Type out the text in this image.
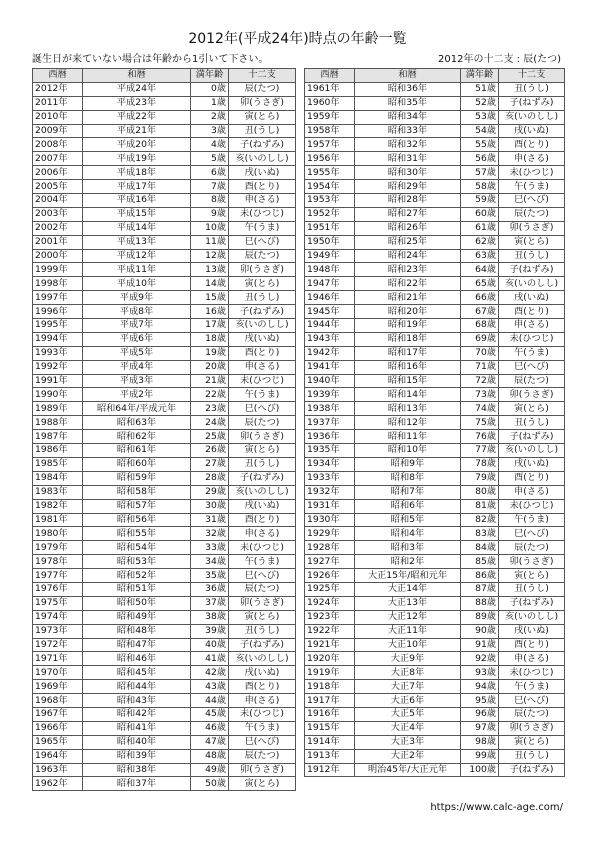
2012年(平成24年)時点の年齢一覧
誕生日が来ていない場合は年齢から1引いて下さい。	2012年の十二支 : 辰(たつ)
西暦	和暦	満年齢	十二支
2012年	平成24年	0歳	辰(たつ)
2011年	平成23年	1歳	卯(うさぎ)
2010年	平成22年	2歳	寅(とら)
2009年	平成21年	3歳	丑(うし)
2008年	平成20年	4歳	子(ねずみ)
2007年	平成19年	5歳	亥(いのしし)
2006年	平成18年	6歳	戌(いぬ)
2005年	平成17年	7歳	酉(とり)
2004年	平成16年	8歳	申(さる)
2003年	平成15年	9歳	未(ひつじ)
2002年	平成14年	10歳	午(うま)
2001年	平成13年	11歳	巳(へび)
2000年	平成12年	12歳	辰(たつ)
1999年	平成11年	13歳	卯(うさぎ)
1998年	平成10年	14歳	寅(とら)
1997年	平成9年	15歳	丑(うし)
1996年	平成8年	16歳	子(ねずみ)
1995年	平成7年	17歳	亥(いのしし)
1994年	平成6年	18歳	戌(いぬ)
1993年	平成5年	19歳	酉(とり)
1992年	平成4年	20歳	申(さる)
1991年	平成3年	21歳	未(ひつじ)
1990年	平成2年	22歳	午(うま)
1989年	昭和64年/平成元年	23歳	巳(へび)
1988年	昭和63年	24歳	辰(たつ)
1987年	昭和62年	25歳	卯(うさぎ)
1986年	昭和61年	26歳	寅(とら)
1985年	昭和60年	27歳	丑(うし)
1984年	昭和59年	28歳	子(ねずみ)
1983年	昭和58年	29歳	亥(いのしし)
1982年	昭和57年	30歳	戌(いぬ)
1981年	昭和56年	31歳	酉(とり)
1980年	昭和55年	32歳	申(さる)
1979年	昭和54年	33歳	未(ひつじ)
1978年	昭和53年	34歳	午(うま)
1977年	昭和52年	35歳	巳(へび)
1976年	昭和51年	36歳	辰(たつ)
1975年	昭和50年	37歳	卯(うさぎ)
1974年	昭和49年	38歳	寅(とら)
1973年	昭和48年	39歳	丑(うし)
1972年	昭和47年	40歳	子(ねずみ)
1971年	昭和46年	41歳	亥(いのしし)
1970年	昭和45年	42歳	戌(いぬ)
1969年	昭和44年	43歳	酉(とり)
1968年	昭和43年	44歳	申(さる)
1967年	昭和42年	45歳	未(ひつじ)
1966年	昭和41年	46歳	午(うま)
1965年	昭和40年	47歳	巳(へび)
1964年	昭和39年	48歳	辰(たつ)
1963年	昭和38年	49歳	卯(うさぎ)
1962年	昭和37年	50歳	寅(とら)
西暦	和暦	満年齢	十二支
1961年	昭和36年	51歳	丑(うし)
1960年	昭和35年	52歳	子(ねずみ)
1959年	昭和34年	53歳	亥(いのしし)
1958年	昭和33年	54歳	戌(いぬ)
1957年	昭和32年	55歳	酉(とり)
1956年	昭和31年	56歳	申(さる)
1955年	昭和30年	57歳	未(ひつじ)
1954年	昭和29年	58歳	午(うま)
1953年	昭和28年	59歳	巳(へび)
1952年	昭和27年	60歳	辰(たつ)
1951年	昭和26年	61歳	卯(うさぎ)
1950年	昭和25年	62歳	寅(とら)
1949年	昭和24年	63歳	丑(うし)
1948年	昭和23年	64歳	子(ねずみ)
1947年	昭和22年	65歳	亥(いのしし)
1946年	昭和21年	66歳	戌(いぬ)
1945年	昭和20年	67歳	酉(とり)
1944年	昭和19年	68歳	申(さる)
1943年	昭和18年	69歳	未(ひつじ)
1942年	昭和17年	70歳	午(うま)
1941年	昭和16年	71歳	巳(へび)
1940年	昭和15年	72歳	辰(たつ)
1939年	昭和14年	73歳	卯(うさぎ)
1938年	昭和13年	74歳	寅(とら)
1937年	昭和12年	75歳	丑(うし)
1936年	昭和11年	76歳	子(ねずみ)
1935年	昭和10年	77歳	亥(いのしし)
1934年	昭和9年	78歳	戌(いぬ)
1933年	昭和8年	79歳	酉(とり)
1932年	昭和7年	80歳	申(さる)
1931年	昭和6年	81歳	未(ひつじ)
1930年	昭和5年	82歳	午(うま)
1929年	昭和4年	83歳	巳(へび)
1928年	昭和3年	84歳	辰(たつ)
1927年	昭和2年	85歳	卯(うさぎ)
1926年	大正15年/昭和元年	86歳	寅(とら)
1925年	大正14年	87歳	丑(うし)
1924年	大正13年	88歳	子(ねずみ)
1923年	大正12年	89歳	亥(いのしし)
1922年	大正11年	90歳	戌(いぬ)
1921年	大正10年	91歳	酉(とり)
1920年	大正9年	92歳	申(さる)
1919年	大正8年	93歳	未(ひつじ)
1918年	大正7年	94歳	午(うま)
1917年	大正6年	95歳	巳(へび)
1916年	大正5年	96歳	辰(たつ)
1915年	大正4年	97歳	卯(うさぎ)
1914年	大正3年	98歳	寅(とら)
1913年	大正2年	99歳	丑(うし)
1912年	明治45年/大正元年	100歳	子(ねずみ)
https://www.calc-age.com/
